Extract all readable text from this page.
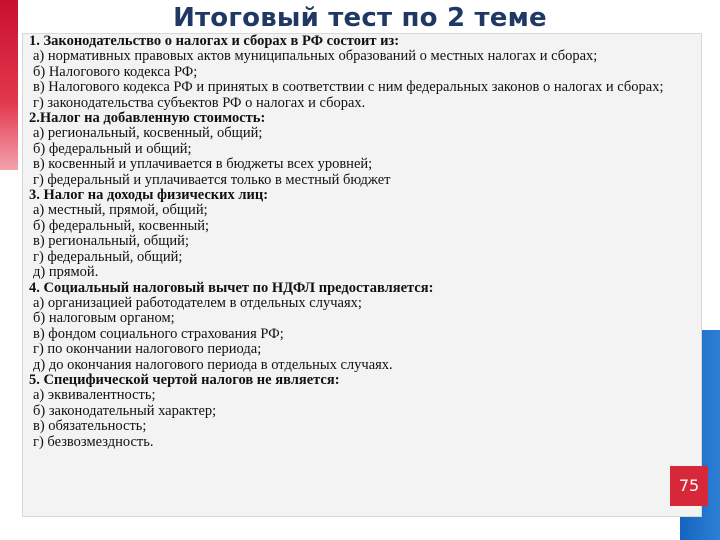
Итоговый тест по 2 теме
1. Законодательство о налогах и сборах в РФ состоит из:
а) нормативных правовых актов муниципальных образований о местных налогах и сборах;
б) Налогового кодекса РФ;
в) Налогового кодекса РФ и принятых в соответствии с ним федеральных законов о налогах и сборах;
г) законодательства субъектов РФ о налогах и сборах.
2.Налог на добавленную стоимость:
а) региональный, косвенный, общий;
б) федеральный и общий;
в) косвенный и уплачивается в бюджеты всех уровней;
г) федеральный и уплачивается только в местный бюджет
3. Налог на доходы физических лиц:
а) местный, прямой, общий;
б) федеральный, косвенный;
в) региональный, общий;
г) федеральный, общий;
д) прямой.
4. Социальный налоговый вычет по НДФЛ предоставляется:
а) организацией работодателем в отдельных случаях;
б) налоговым органом;
в) фондом социального страхования РФ;
г) по окончании налогового периода;
д) до окончания налогового периода в отдельных случаях.
5. Специфической чертой налогов не является:
а) эквивалентность;
б) законодательный характер;
в) обязательность;
г) безвозмездность.
75
